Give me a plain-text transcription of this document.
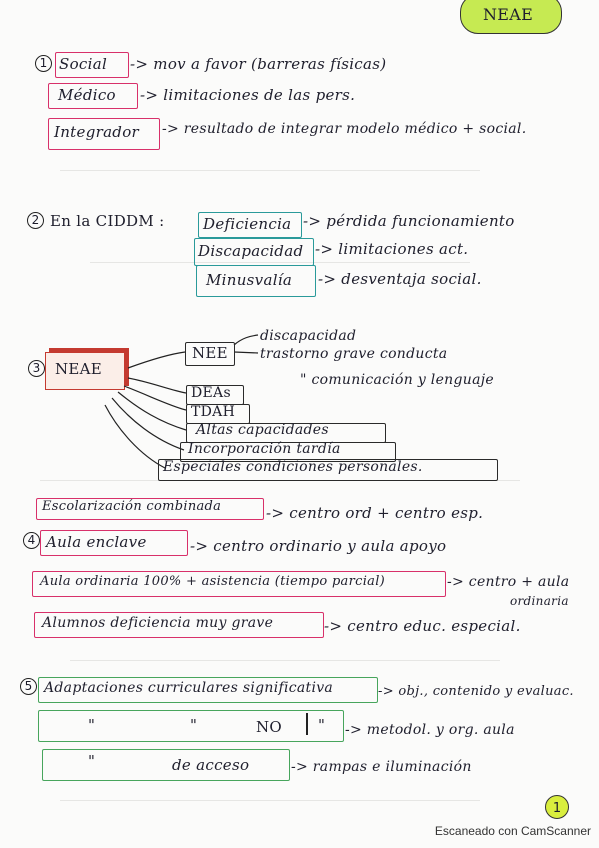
NEAE
1 Social -> mov a favor (barreras físicas)
Médico -> limitaciones de las pers.
Integrador -> resultado de integrar modelo médico + social.
2 En la CIDDM :	Deficiencia -> pérdida funcionamiento
Discapacidad -> limitaciones act.
Minusvalía -> desventaja social.
3 NEAE
NEE
discapacidad
trastorno grave conducta
" comunicación y lenguaje
DEAs
TDAH
Altas capacidades
Incorporación tardía
Especiales condiciones personales.
Escolarización combinada	-> centro ord + centro esp.
4 Aula enclave	-> centro ordinario y aula apoyo
Aula ordinaria 100% + asistencia (tiempo parcial)	-> centro + aula
ordinaria
Alumnos deficiencia muy grave	-> centro educ. especial.
5 Adaptaciones curriculares significativa	-> obj., contenido y evaluac.
"	"	NO " -> metodol. y org. aula
"	de acceso	-> rampas e iluminación
1
Escaneado con CamScanner
